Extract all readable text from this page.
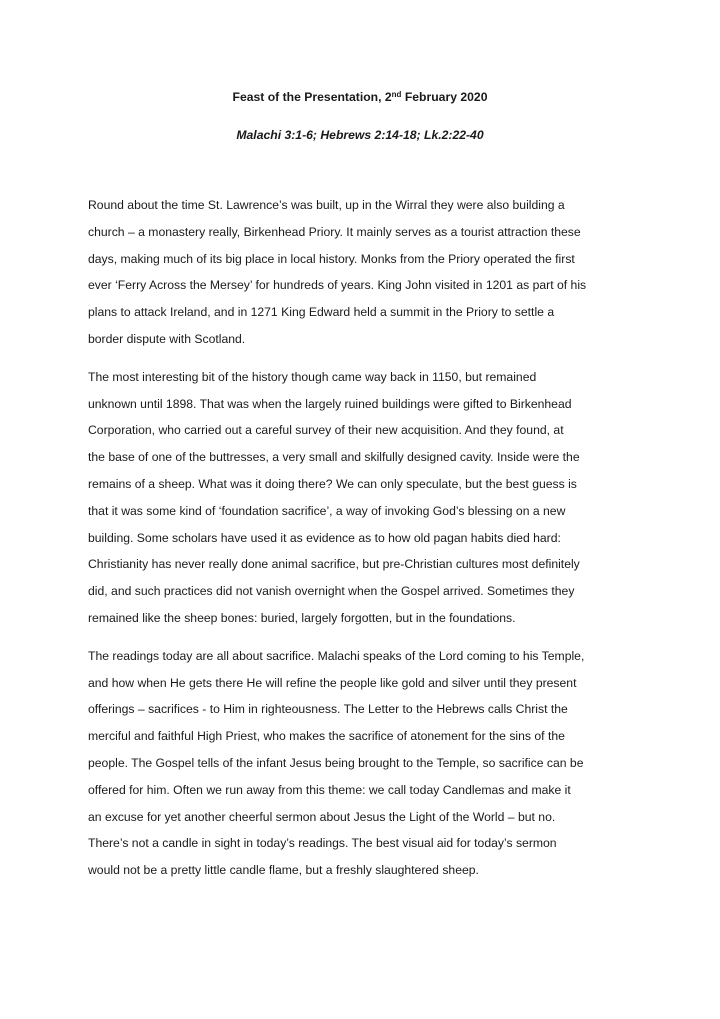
Feast of the Presentation, 2nd February 2020
Malachi 3:1-6; Hebrews 2:14-18; Lk.2:22-40
Round about the time St. Lawrence’s was built, up in the Wirral they were also building a
church – a monastery really, Birkenhead Priory. It mainly serves as a tourist attraction these
days, making much of its big place in local history. Monks from the Priory operated the first
ever ‘Ferry Across the Mersey’ for hundreds of years. King John visited in 1201 as part of his
plans to attack Ireland, and in 1271 King Edward held a summit in the Priory to settle a
border dispute with Scotland.
The most interesting bit of the history though came way back in 1150, but remained
unknown until 1898. That was when the largely ruined buildings were gifted to Birkenhead
Corporation, who carried out a careful survey of their new acquisition. And they found, at
the base of one of the buttresses, a very small and skilfully designed cavity. Inside were the
remains of a sheep. What was it doing there? We can only speculate, but the best guess is
that it was some kind of ‘foundation sacrifice’, a way of invoking God’s blessing on a new
building. Some scholars have used it as evidence as to how old pagan habits died hard:
Christianity has never really done animal sacrifice, but pre-Christian cultures most definitely
did, and such practices did not vanish overnight when the Gospel arrived. Sometimes they
remained like the sheep bones: buried, largely forgotten, but in the foundations.
The readings today are all about sacrifice. Malachi speaks of the Lord coming to his Temple,
and how when He gets there He will refine the people like gold and silver until they present
offerings – sacrifices - to Him in righteousness. The Letter to the Hebrews calls Christ the
merciful and faithful High Priest, who makes the sacrifice of atonement for the sins of the
people. The Gospel tells of the infant Jesus being brought to the Temple, so sacrifice can be
offered for him. Often we run away from this theme: we call today Candlemas and make it
an excuse for yet another cheerful sermon about Jesus the Light of the World – but no.
There’s not a candle in sight in today’s readings. The best visual aid for today’s sermon
would not be a pretty little candle flame, but a freshly slaughtered sheep.
